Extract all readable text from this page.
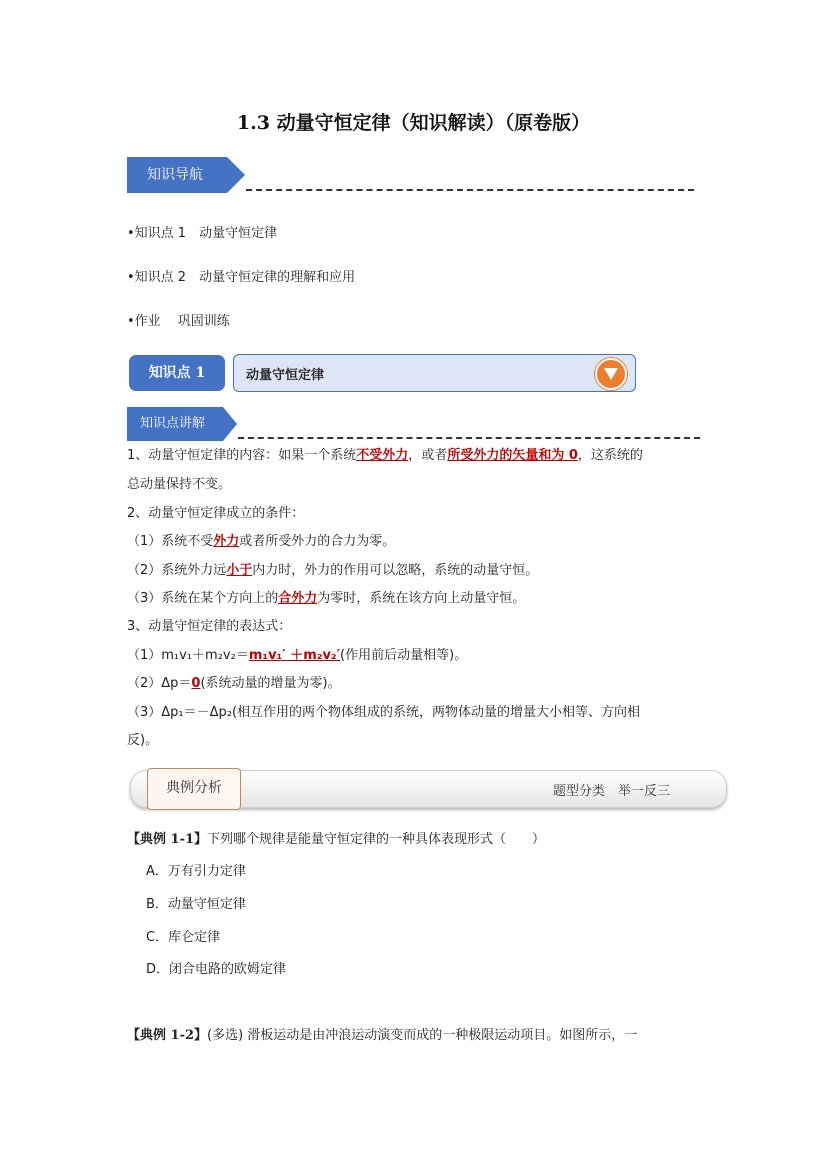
1.3 动量守恒定律（知识解读）（原卷版）
知识导航
•知识点 1　动量守恒定律
•知识点 2　动量守恒定律的理解和应用
•作业　 巩固训练
知识点 1	动量守恒定律
知识点讲解
1、动量守恒定律的内容：如果一个系统不受外力，或者所受外力的矢量和为 0，这系统的
总动量保持不变。
2、动量守恒定律成立的条件：
（1）系统不受外力或者所受外力的合力为零。
（2）系统外力远小于内力时，外力的作用可以忽略，系统的动量守恒。
（3）系统在某个方向上的合外力为零时，系统在该方向上动量守恒。
3、动量守恒定律的表达式：
（1）m₁v₁＋m₂v₂＝m₁v₁′ ＋m₂v₂′(作用前后动量相等)。
（2）Δp＝0(系统动量的增量为零)。
（3）Δp₁＝－Δp₂(相互作用的两个物体组成的系统，两物体动量的增量大小相等、方向相
反)。
典例分析	题型分类　举一反三
【典例 1-1】下列哪个规律是能量守恒定律的一种具体表现形式（　　）
A．万有引力定律
B．动量守恒定律
C．库仑定律
D．闭合电路的欧姆定律
【典例 1-2】(多选) 滑板运动是由冲浪运动演变而成的一种极限运动项目。如图所示，一
